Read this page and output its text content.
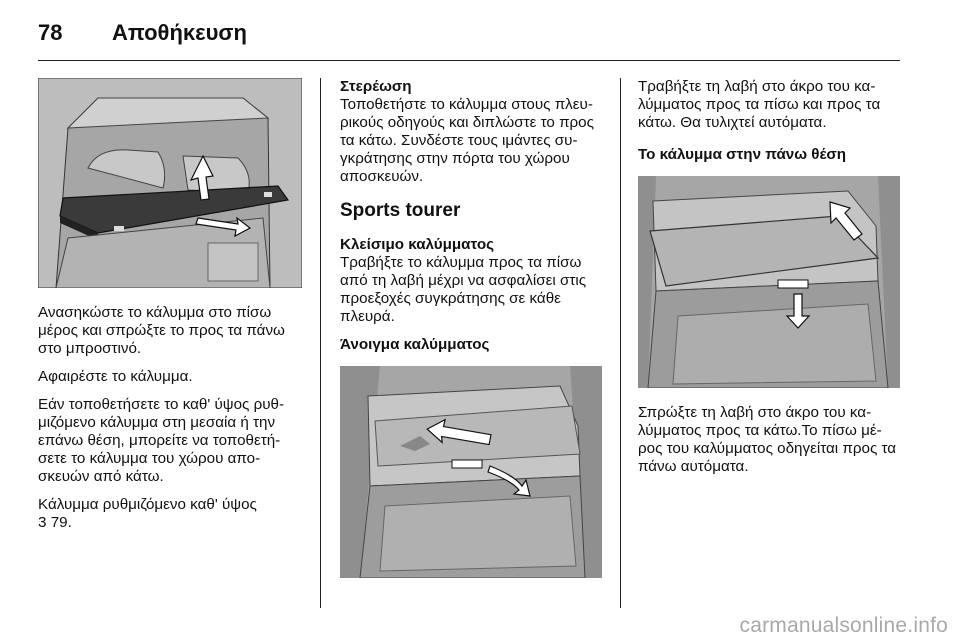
78 Αποθήκευση

Ανασηκώστε το κάλυμμα στο πίσω μέρος και σπρώξτε το προς τα πάνω στο μπροστινό.

Αφαιρέστε το κάλυμμα.

Εάν τοποθετήσετε το καθ' ύψος ρυθ- μιζόμενο κάλυμμα στη μεσαία ή την επάνω θέση, μπορείτε να τοποθετή- σετε το κάλυμμα του χώρου απο- σκευών από κάτω.

Κάλυμμα ρυθμιζόμενο καθ' ύψος
3 79.

Στερέωση

Τοποθετήστε το κάλυμμα στους πλευ- ρικούς οδηγούς και διπλώστε το προς τα κάτω. Συνδέστε τους ιμάντες συ- γκράτησης στην πόρτα του χώρου αποσκευών.

Sports tourer
Κλείσιμο καλύμματος

Τραβήξτε το κάλυμμα προς τα πίσω από τη λαβή μέχρι να ασφαλίσει στις προεξοχές συγκράτησης σε κάθε πλευρά.

Άνοιγμα καλύμματος

Τραβήξτε τη λαβή στο άκρο του κα- λύμματος προς τα πίσω και προς τα κάτω. Θα τυλιχτεί αυτόματα.

Το κάλυμμα στην πάνω θέση

Σπρώξτε τη λαβή στο άκρο του κα- λύμματος προς τα κάτω.Το πίσω μέ- ρος του καλύμματος οδηγείται προς τα πάνω αυτόματα.

carmanualsonline.info
